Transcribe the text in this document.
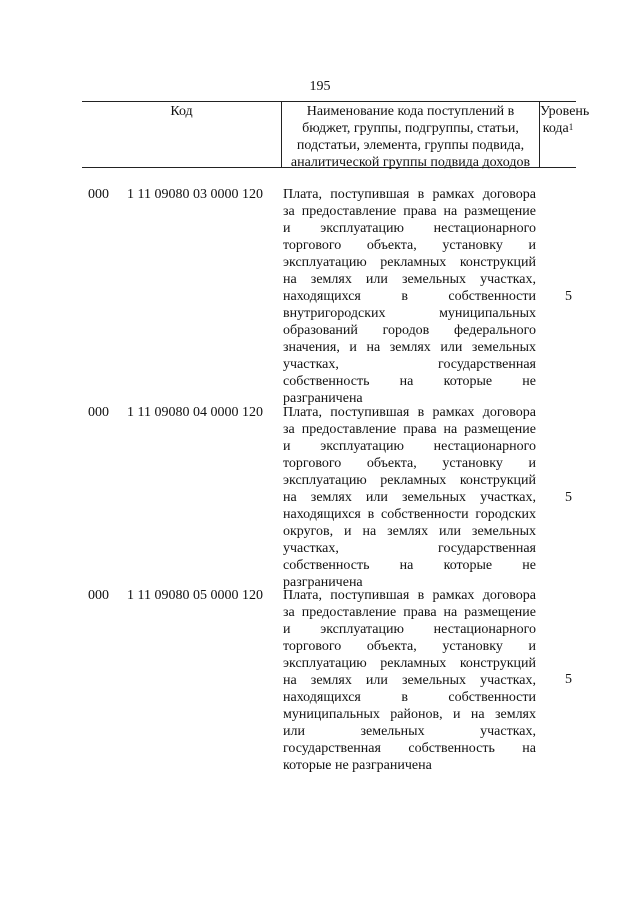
195
Код	Наименование кода поступлений в
бюджет, группы, подгруппы, статьи,
подстатьи, элемента, группы подвида,
аналитической группы подвида доходов
Уровень
кода$^1$
000 1 11 09080 03 0000 120 Плата, поступившая в рамках договора
за предоставление права на размещение
и эксплуатацию нестационарного
торгового объекта, установку и
эксплуатацию рекламных конструкций
на землях или земельных участках,
находящихся в собственности
внутригородских муниципальных
образований городов федерального
значения, и на землях или земельных
участках, государственная
собственность на которые не
разграничена
5
000 1 11 09080 04 0000 120 Плата, поступившая в рамках договора
за предоставление права на размещение
и эксплуатацию нестационарного
торгового объекта, установку и
эксплуатацию рекламных конструкций
на землях или земельных участках,
находящихся в собственности городских
округов, и на землях или земельных
участках, государственная
собственность на которые не
разграничена
5
000 1 11 09080 05 0000 120 Плата, поступившая в рамках договора
за предоставление права на размещение
и эксплуатацию нестационарного
торгового объекта, установку и
эксплуатацию рекламных конструкций
на землях или земельных участках,
находящихся в собственности
муниципальных районов, и на землях
или земельных участках,
государственная собственность на
которые не разграничена
5
